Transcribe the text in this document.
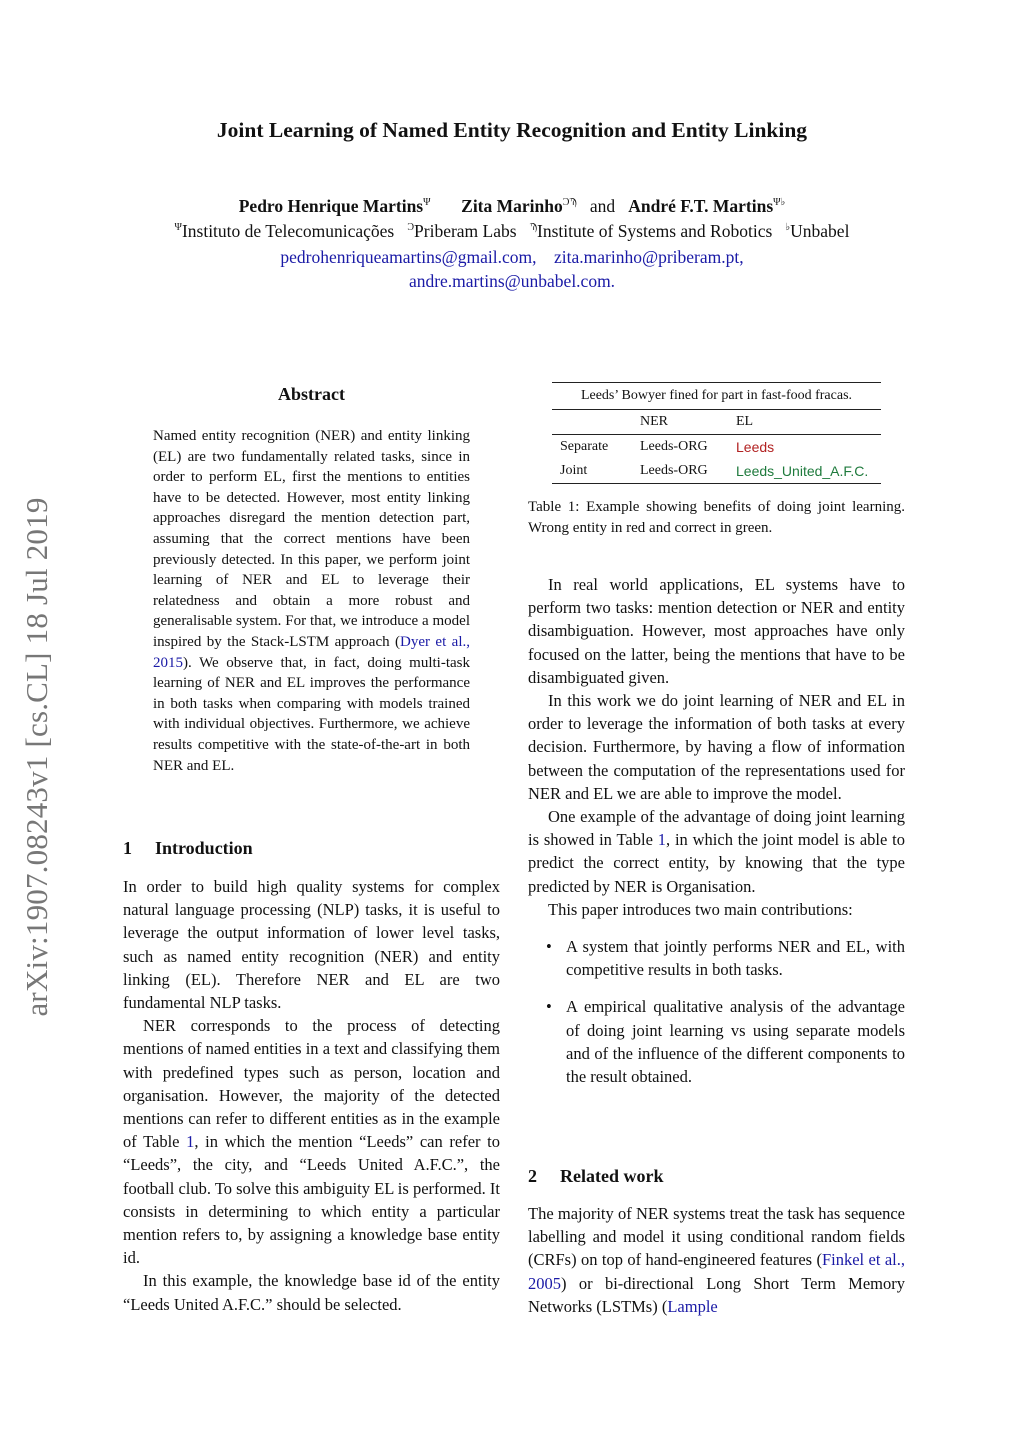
Joint Learning of Named Entity Recognition and Entity Linking
Pedro Henrique Martins$^\Psi$ Zita Marinho$^{ϽϠ}$ and André F.T. Martins$^{\Psi♭}$
$^\Psi$Instituto de Telecomunicações $^Ͻ$Priberam Labs $^Ϡ$Institute of Systems and Robotics ♭Unbabel
pedrohenriqueamartins@gmail.com, zita.marinho@priberam.pt,
andre.martins@unbabel.com.
arXiv:1907.08243v1 [cs.CL] 18 Jul 2019
Abstract
Named entity recognition (NER) and entity linking (EL) are two fundamentally related tasks, since in order to perform EL, first the mentions to entities have to be detected. However, most entity linking approaches disregard the mention detection part, assuming that the correct mentions have been previously detected. In this paper, we perform joint learning of NER and EL to leverage their relatedness and obtain a more robust and generalisable system. For that, we introduce a model inspired by the Stack-LSTM approach (Dyer et al., 2015). We observe that, in fact, doing multi-task learning of NER and EL improves the performance in both tasks when comparing with models trained with individual objectives. Furthermore, we achieve results competitive with the state-of-the-art in both NER and EL.
1 Introduction

In order to build high quality systems for complex natural language processing (NLP) tasks, it is useful to leverage the output information of lower level tasks, such as named entity recognition (NER) and entity linking (EL). Therefore NER and EL are two fundamental NLP tasks.

NER corresponds to the process of detecting mentions of named entities in a text and classifying them with predefined types such as person, location and organisation. However, the majority of the detected mentions can refer to different entities as in the example of Table 1, in which the mention “Leeds” can refer to “Leeds”, the city, and “Leeds United A.F.C.”, the football club. To solve this ambiguity EL is performed. It consists in determining to which entity a particular mention refers to, by assigning a knowledge base entity id.

In this example, the knowledge base id of the entity “Leeds United A.F.C.” should be selected.

Leeds’ Bowyer fined for part in fast-food fracas.
	NER	EL
Separate	Leeds-ORG	Leeds
Joint	Leeds-ORG	Leeds_United_A.F.C.
Table 1: Example showing benefits of doing joint learning. Wrong entity in red and correct in green.

In real world applications, EL systems have to perform two tasks: mention detection or NER and entity disambiguation. However, most approaches have only focused on the latter, being the mentions that have to be disambiguated given.

In this work we do joint learning of NER and EL in order to leverage the information of both tasks at every decision. Furthermore, by having a flow of information between the computation of the representations used for NER and EL we are able to improve the model.

One example of the advantage of doing joint learning is showed in Table 1, in which the joint model is able to predict the correct entity, by knowing that the type predicted by NER is Organisation.

This paper introduces two main contributions:

• A system that jointly performs NER and EL, with competitive results in both tasks.
• A empirical qualitative analysis of the advantage of doing joint learning vs using separate models and of the influence of the different components to the result obtained.
2 Related work

The majority of NER systems treat the task has sequence labelling and model it using conditional random fields (CRFs) on top of hand-engineered features (Finkel et al., 2005) or bi-directional Long Short Term Memory Networks (LSTMs) (Lample
